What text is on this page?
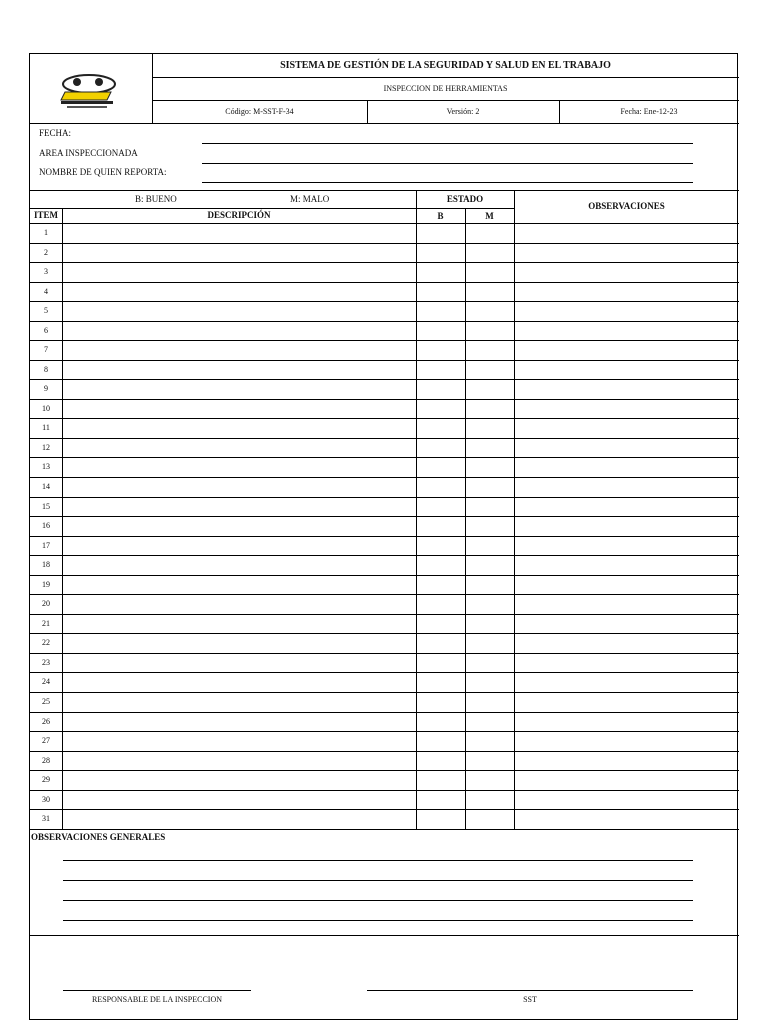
SISTEMA DE GESTIÓN DE LA SEGURIDAD Y SALUD EN EL TRABAJO
INSPECCION DE HERRAMIENTAS
Código: M-SST-F-34	Versión: 2	Fecha: Ene-12-23
FECHA:
AREA INSPECCIONADA
NOMBRE DE QUIEN REPORTA:
B: BUENO	M: MALO	ESTADO
OBSERVACIONES
ITEM	DESCRIPCIÓN	B	M
1
2
3
4
5
6
7
8
9
10
11
12
13
14
15
16
17
18
19
20
21
22
23
24
25
26
27
28
29
30
31
OBSERVACIONES GENERALES
RESPONSABLE DE LA INSPECCION	SST
